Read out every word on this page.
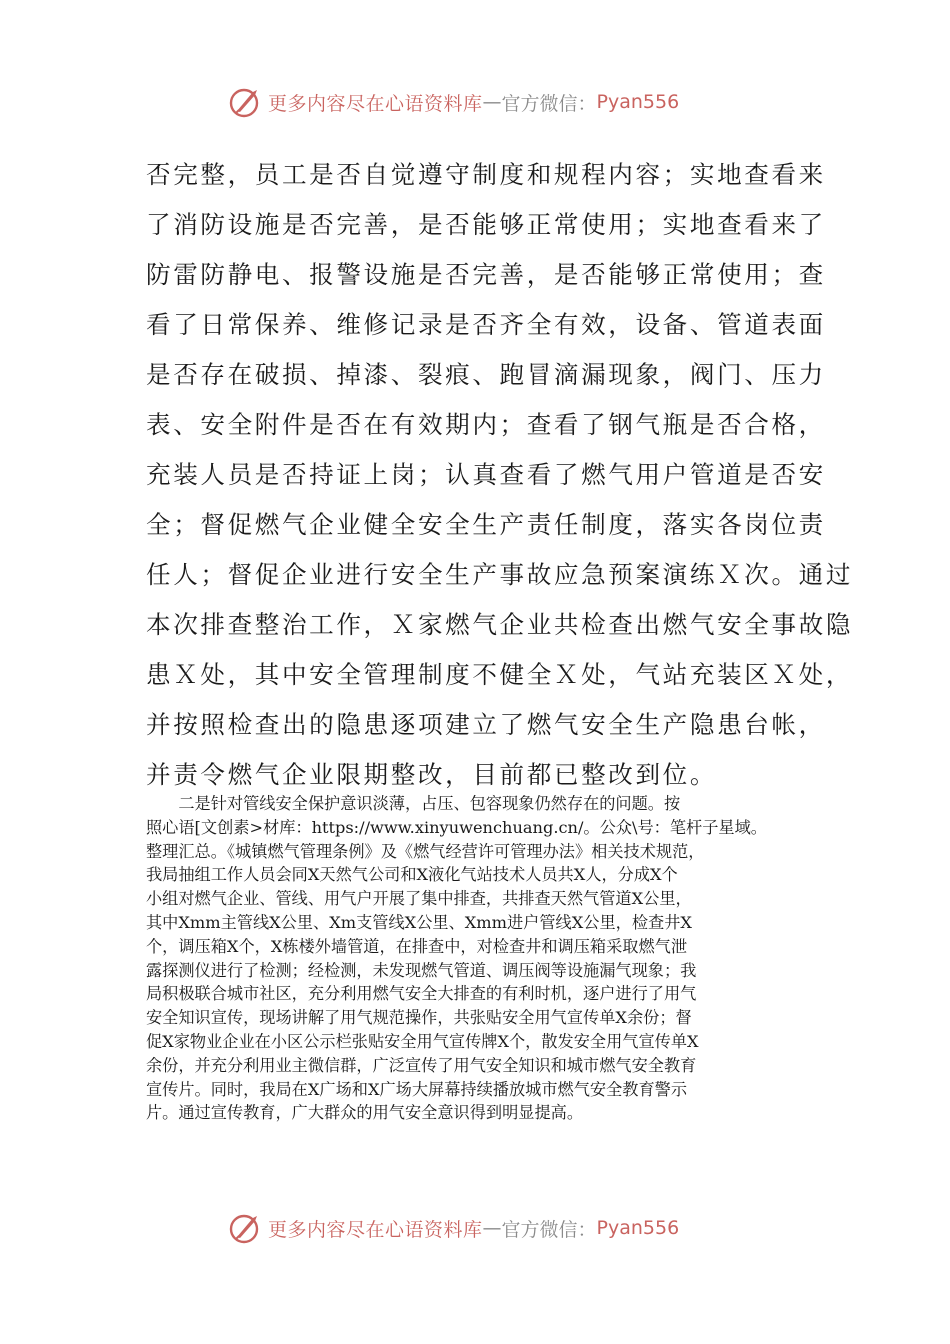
更多内容尽在心语资料库 — 官方微信： Pyan556
否完整，员工是否自觉遵守制度和规程内容；实地查看来
了消防设施是否完善，是否能够正常使用；实地查看来了
防雷防静电、报警设施是否完善，是否能够正常使用；查
看了日常保养、维修记录是否齐全有效，设备、管道表面
是否存在破损、掉漆、裂痕、跑冒滴漏现象，阀门、压力
表、安全附件是否在有效期内；查看了钢气瓶是否合格，
充装人员是否持证上岗；认真查看了燃气用户管道是否安
全；督促燃气企业健全安全生产责任制度，落实各岗位责
任人；督促企业进行安全生产事故应急预案演练Ｘ次。通过
本次排查整治工作，Ｘ家燃气企业共检查出燃气安全事故隐
患Ｘ处，其中安全管理制度不健全Ｘ处，气站充装区Ｘ处，
并按照检查出的隐患逐项建立了燃气安全生产隐患台帐，
并责令燃气企业限期整改，目前都已整改到位。
　　二是针对管线安全保护意识淡薄，占压、包容现象仍然存在的问题。按
照心语[文创素>材库：https://www.xinyuwenchuang.cn/。公众\号：笔杆子星域。
整理汇总。《城镇燃气管理条例》及《燃气经营许可管理办法》相关技术规范，
我局抽组工作人员会同X天然气公司和X液化气站技术人员共X人，分成X个
小组对燃气企业、管线、用气户开展了集中排查，共排查天然气管道X公里，
其中Xmm主管线X公里、Xm支管线X公里、Xmm进户管线X公里，检查井X
个，调压箱X个，X栋楼外墙管道，在排查中，对检查井和调压箱采取燃气泄
露探测仪进行了检测；经检测，未发现燃气管道、调压阀等设施漏气现象；我
局积极联合城市社区，充分利用燃气安全大排查的有利时机，逐户进行了用气
安全知识宣传，现场讲解了用气规范操作，共张贴安全用气宣传单X余份；督
促X家物业企业在小区公示栏张贴安全用气宣传牌X个，散发安全用气宣传单X
余份，并充分利用业主微信群，广泛宣传了用气安全知识和城市燃气安全教育
宣传片。同时，我局在X广场和X广场大屏幕持续播放城市燃气安全教育警示
片。通过宣传教育，广大群众的用气安全意识得到明显提高。
更多内容尽在心语资料库 — 官方微信： Pyan556
